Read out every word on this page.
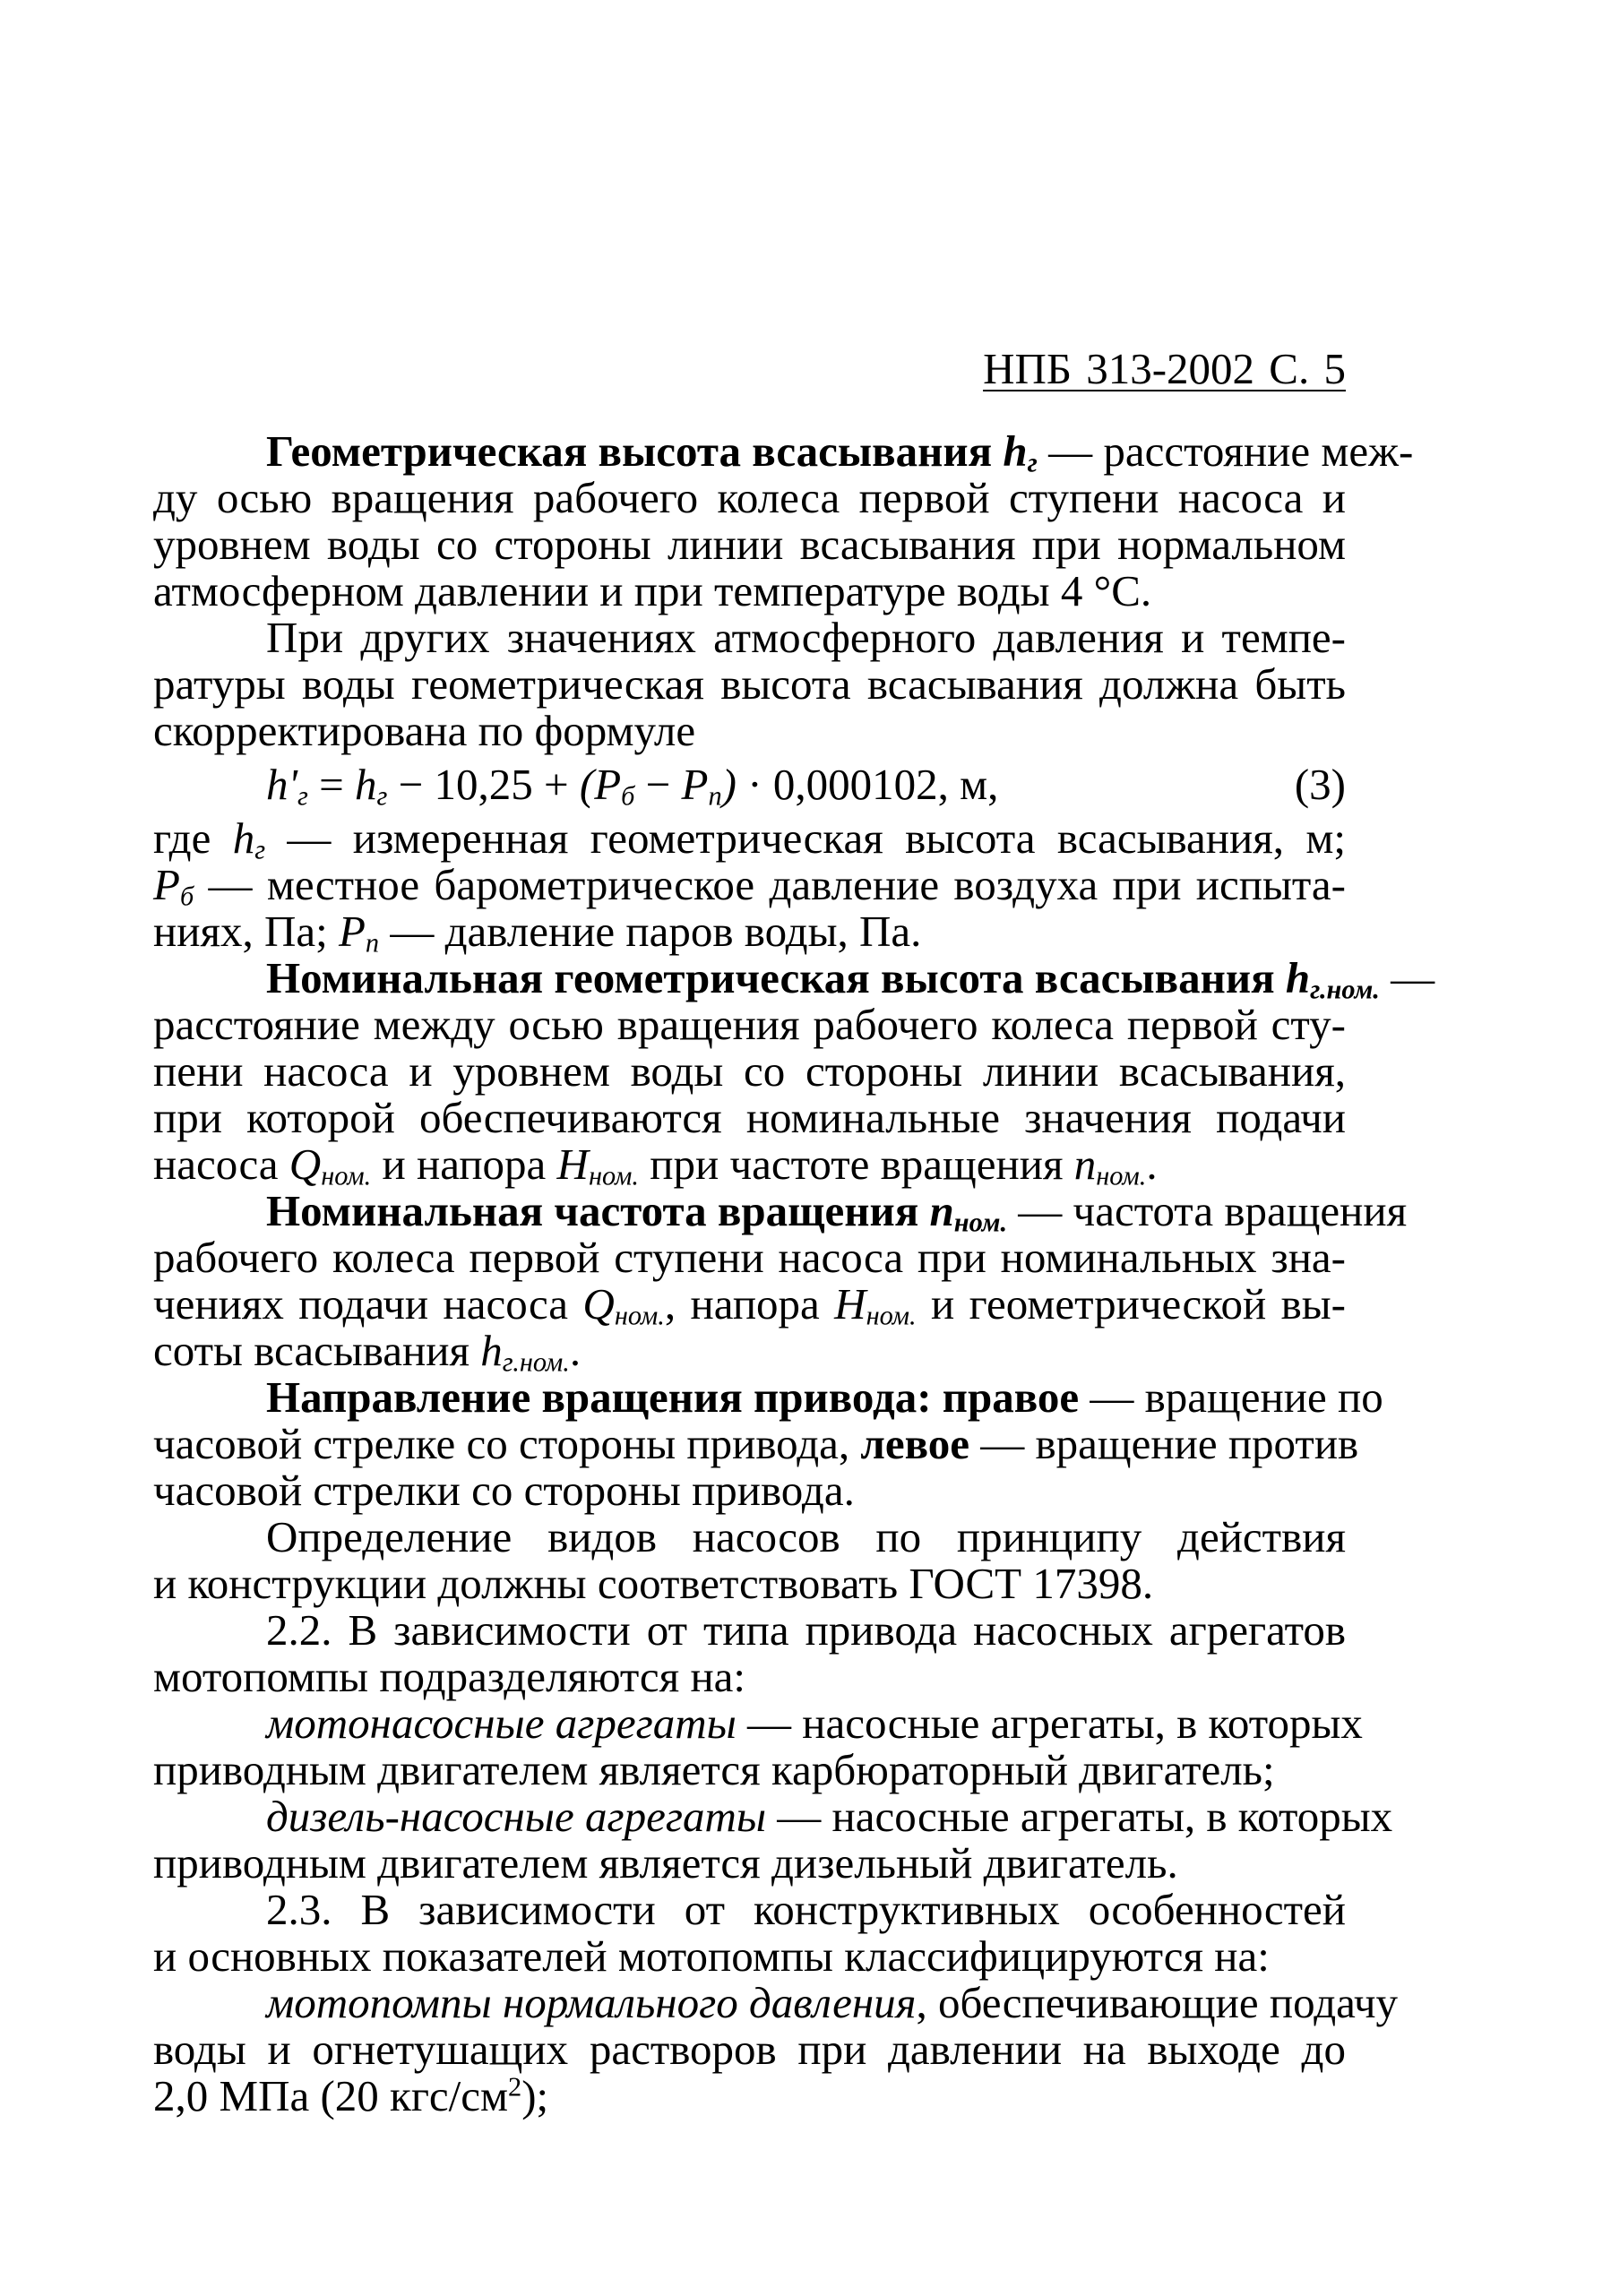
НПБ 313-2002 С. 5
Геометрическая высота всасывания $h_г$ — расстояние меж-
ду осью вращения рабочего колеса первой ступени насоса и
уровнем воды со стороны линии всасывания при нормальном
атмосферном давлении и при температуре воды 4 °С.
При других значениях атмосферного давления и темпе-
ратуры воды геометрическая высота всасывания должна быть
скорректирована по формуле
$h'_г = h_г - 10,25 + (P_б - P_п) \cdot 0,000102$, м,	(3)
где $h_г$ — измеренная геометрическая высота всасывания, м;
$P_б$ — местное барометрическое давление воздуха при испыта-
ниях, Па; $P_п$ — давление паров воды, Па.
Номинальная геометрическая высота всасывания $h_{г.ном.}$ —
расстояние между осью вращения рабочего колеса первой сту-
пени насоса и уровнем воды со стороны линии всасывания,
при которой обеспечиваются номинальные значения подачи
насоса $Q_{ном.}$ и напора $H_{ном.}$ при частоте вращения $n_{ном.}$.
Номинальная частота вращения $n_{ном.}$ — частота вращения
рабочего колеса первой ступени насоса при номинальных зна-
чениях подачи насоса $Q_{ном.}$, напора $H_{ном.}$ и геометрической вы-
соты всасывания $h_{г.ном.}$.
Направление вращения привода: правое — вращение по
часовой стрелке со стороны привода, левое — вращение против
часовой стрелки со стороны привода.
Определение видов насосов по принципу действия
и конструкции должны соответствовать ГОСТ 17398.
2.2. В зависимости от типа привода насосных агрегатов
мотопомпы подразделяются на:
мотонасосные агрегаты — насосные агрегаты, в которых
приводным двигателем является карбюраторный двигатель;
дизель-насосные агрегаты — насосные агрегаты, в которых
приводным двигателем является дизельный двигатель.
2.3. В зависимости от конструктивных особенностей
и основных показателей мотопомпы классифицируются на:
мотопомпы нормального давления, обеспечивающие подачу
воды и огнетушащих растворов при давлении на выходе до
2,0 МПа (20 кгс/$см^2$);
